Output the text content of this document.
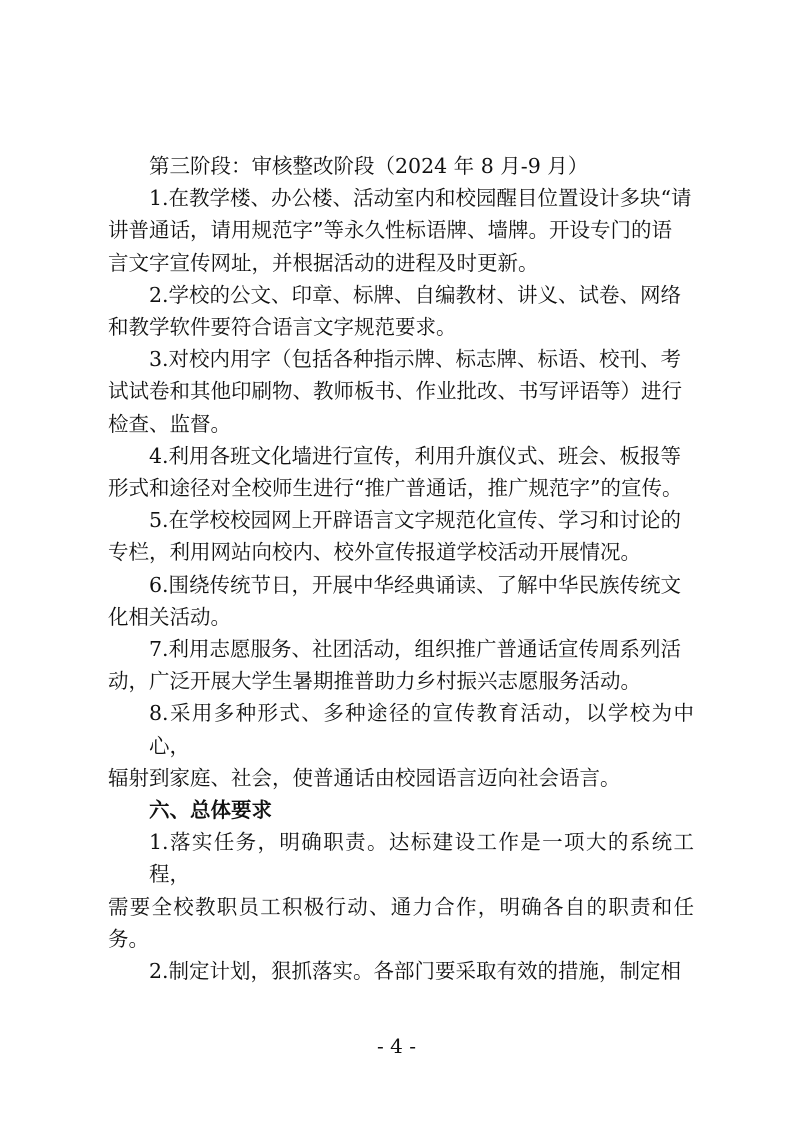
第三阶段：审核整改阶段（2024 年 8 月-9 月）
1.在教学楼、办公楼、活动室内和校园醒目位置设计多块“请
讲普通话，请用规范字”等永久性标语牌、墙牌。开设专门的语
言文字宣传网址，并根据活动的进程及时更新。
2.学校的公文、印章、标牌、自编教材、讲义、试卷、网络
和教学软件要符合语言文字规范要求。
3.对校内用字（包括各种指示牌、标志牌、标语、校刊、考
试试卷和其他印刷物、教师板书、作业批改、书写评语等）进行
检查、监督。
4.利用各班文化墙进行宣传，利用升旗仪式、班会、板报等
形式和途径对全校师生进行“推广普通话，推广规范字”的宣传。
5.在学校校园网上开辟语言文字规范化宣传、学习和讨论的
专栏，利用网站向校内、校外宣传报道学校活动开展情况。
6.围绕传统节日，开展中华经典诵读、了解中华民族传统文
化相关活动。
7.利用志愿服务、社团活动，组织推广普通话宣传周系列活
动，广泛开展大学生暑期推普助力乡村振兴志愿服务活动。
8.采用多种形式、多种途径的宣传教育活动，以学校为中心，
辐射到家庭、社会，使普通话由校园语言迈向社会语言。
六、总体要求
1.落实任务，明确职责。达标建设工作是一项大的系统工程，
需要全校教职员工积极行动、通力合作，明确各自的职责和任务。
2.制定计划，狠抓落实。各部门要采取有效的措施，制定相
- 4 -
